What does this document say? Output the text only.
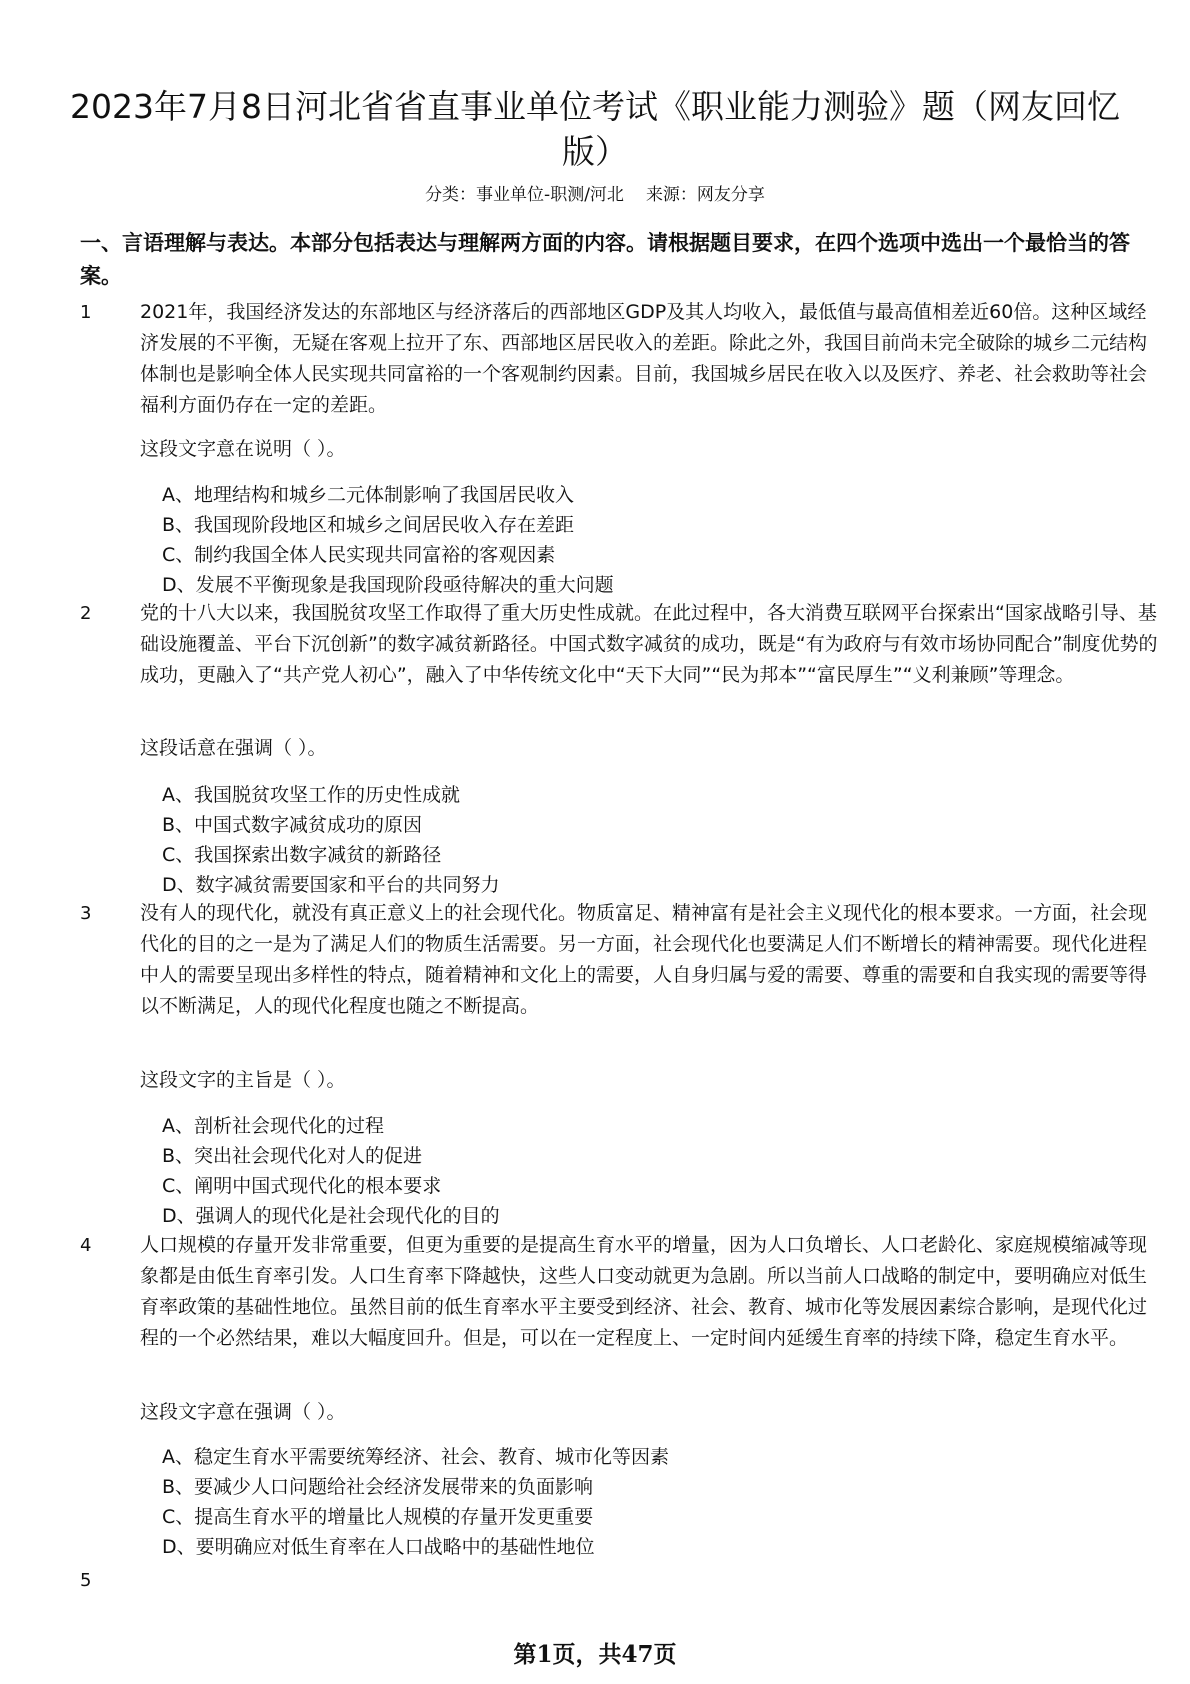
2023年7月8日河北省省直事业单位考试《职业能力测验》题（网友回忆版）
分类：事业单位-职测/河北 来源：网友分享
一、言语理解与表达。本部分包括表达与理解两方面的内容。请根据题目要求，在四个选项中选出一个最恰当的答案。
1	2021年，我国经济发达的东部地区与经济落后的西部地区GDP及其人均收入，最低值与最高值相差近60倍。这种区域经济发展的不平衡，无疑在客观上拉开了东、西部地区居民收入的差距。除此之外，我国目前尚未完全破除的城乡二元结构体制也是影响全体人民实现共同富裕的一个客观制约因素。目前，我国城乡居民在收入以及医疗、养老、社会救助等社会福利方面仍存在一定的差距。
这段文字意在说明（ ）。
A、地理结构和城乡二元体制影响了我国居民收入
B、我国现阶段地区和城乡之间居民收入存在差距
C、制约我国全体人民实现共同富裕的客观因素
D、发展不平衡现象是我国现阶段亟待解决的重大问题
2	党的十八大以来，我国脱贫攻坚工作取得了重大历史性成就。在此过程中，各大消费互联网平台探索出“国家战略引导、基础设施覆盖、平台下沉创新”的数字减贫新路径。中国式数字减贫的成功，既是“有为政府与有效市场协同配合”制度优势的成功，更融入了“共产党人初心”，融入了中华传统文化中“天下大同”“民为邦本”“富民厚生”“义利兼顾”等理念。
这段话意在强调（ ）。
A、我国脱贫攻坚工作的历史性成就
B、中国式数字减贫成功的原因
C、我国探索出数字减贫的新路径
D、数字减贫需要国家和平台的共同努力
3	没有人的现代化，就没有真正意义上的社会现代化。物质富足、精神富有是社会主义现代化的根本要求。一方面，社会现代化的目的之一是为了满足人们的物质生活需要。另一方面，社会现代化也要满足人们不断增长的精神需要。现代化进程中人的需要呈现出多样性的特点，随着精神和文化上的需要，人自身归属与爱的需要、尊重的需要和自我实现的需要等得以不断满足，人的现代化程度也随之不断提高。
这段文字的主旨是（ ）。
A、剖析社会现代化的过程
B、突出社会现代化对人的促进
C、阐明中国式现代化的根本要求
D、强调人的现代化是社会现代化的目的
4	人口规模的存量开发非常重要，但更为重要的是提高生育水平的增量，因为人口负增长、人口老龄化、家庭规模缩减等现象都是由低生育率引发。人口生育率下降越快，这些人口变动就更为急剧。所以当前人口战略的制定中，要明确应对低生育率政策的基础性地位。虽然目前的低生育率水平主要受到经济、社会、教育、城市化等发展因素综合影响，是现代化过程的一个必然结果，难以大幅度回升。但是，可以在一定程度上、一定时间内延缓生育率的持续下降，稳定生育水平。
这段文字意在强调（ ）。
A、稳定生育水平需要统筹经济、社会、教育、城市化等因素
B、要减少人口问题给社会经济发展带来的负面影响
C、提高生育水平的增量比人规模的存量开发更重要
D、要明确应对低生育率在人口战略中的基础性地位
5
第1页，共47页
